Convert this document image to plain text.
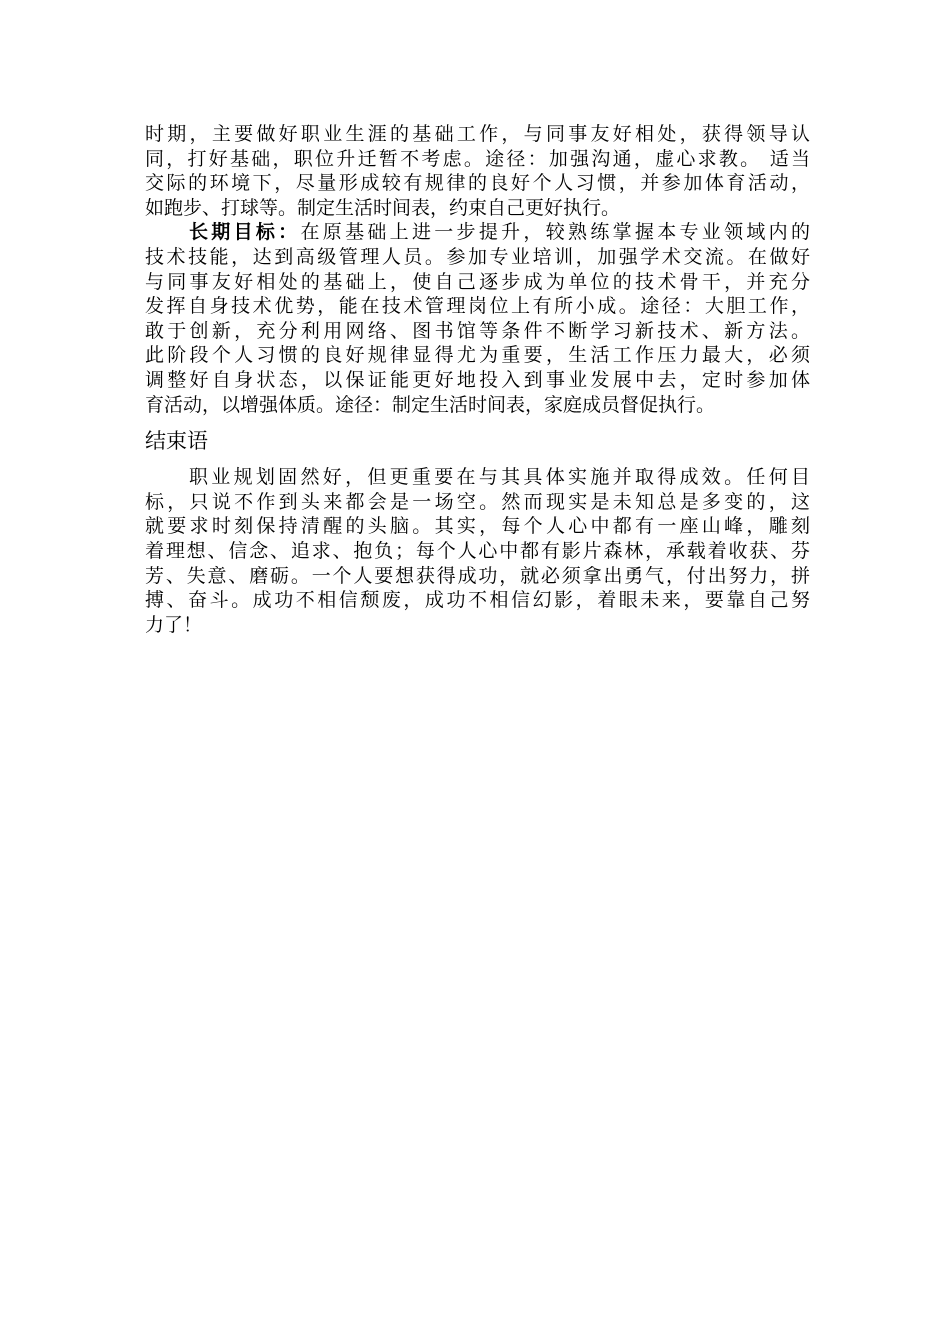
时期，主要做好职业生涯的基础工作，与同事友好相处，获得领导认
同，打好基础，职位升迁暂不考虑。途径：加强沟通，虚心求教。 适当
交际的环境下，尽量形成较有规律的良好个人习惯，并参加体育活动，
如跑步、打球等。制定生活时间表，约束自己更好执行。
长期目标：在原基础上进一步提升，较熟练掌握本专业领域内的
技术技能，达到高级管理人员。参加专业培训，加强学术交流。在做好
与同事友好相处的基础上，使自己逐步成为单位的技术骨干，并充分
发挥自身技术优势，能在技术管理岗位上有所小成。途径：大胆工作，
敢于创新，充分利用网络、图书馆等条件不断学习新技术、新方法。
此阶段个人习惯的良好规律显得尤为重要，生活工作压力最大，必须
调整好自身状态，以保证能更好地投入到事业发展中去，定时参加体
育活动，以增强体质。途径：制定生活时间表，家庭成员督促执行。
结束语
职业规划固然好，但更重要在与其具体实施并取得成效。任何目
标，只说不作到头来都会是一场空。然而现实是未知总是多变的，这
就要求时刻保持清醒的头脑。其实，每个人心中都有一座山峰，雕刻
着理想、信念、追求、抱负；每个人心中都有影片森林，承载着收获、芬
芳、失意、磨砺。一个人要想获得成功，就必须拿出勇气，付出努力，拼
搏、奋斗。成功不相信颓废，成功不相信幻影，着眼未来，要靠自己努
力了！
